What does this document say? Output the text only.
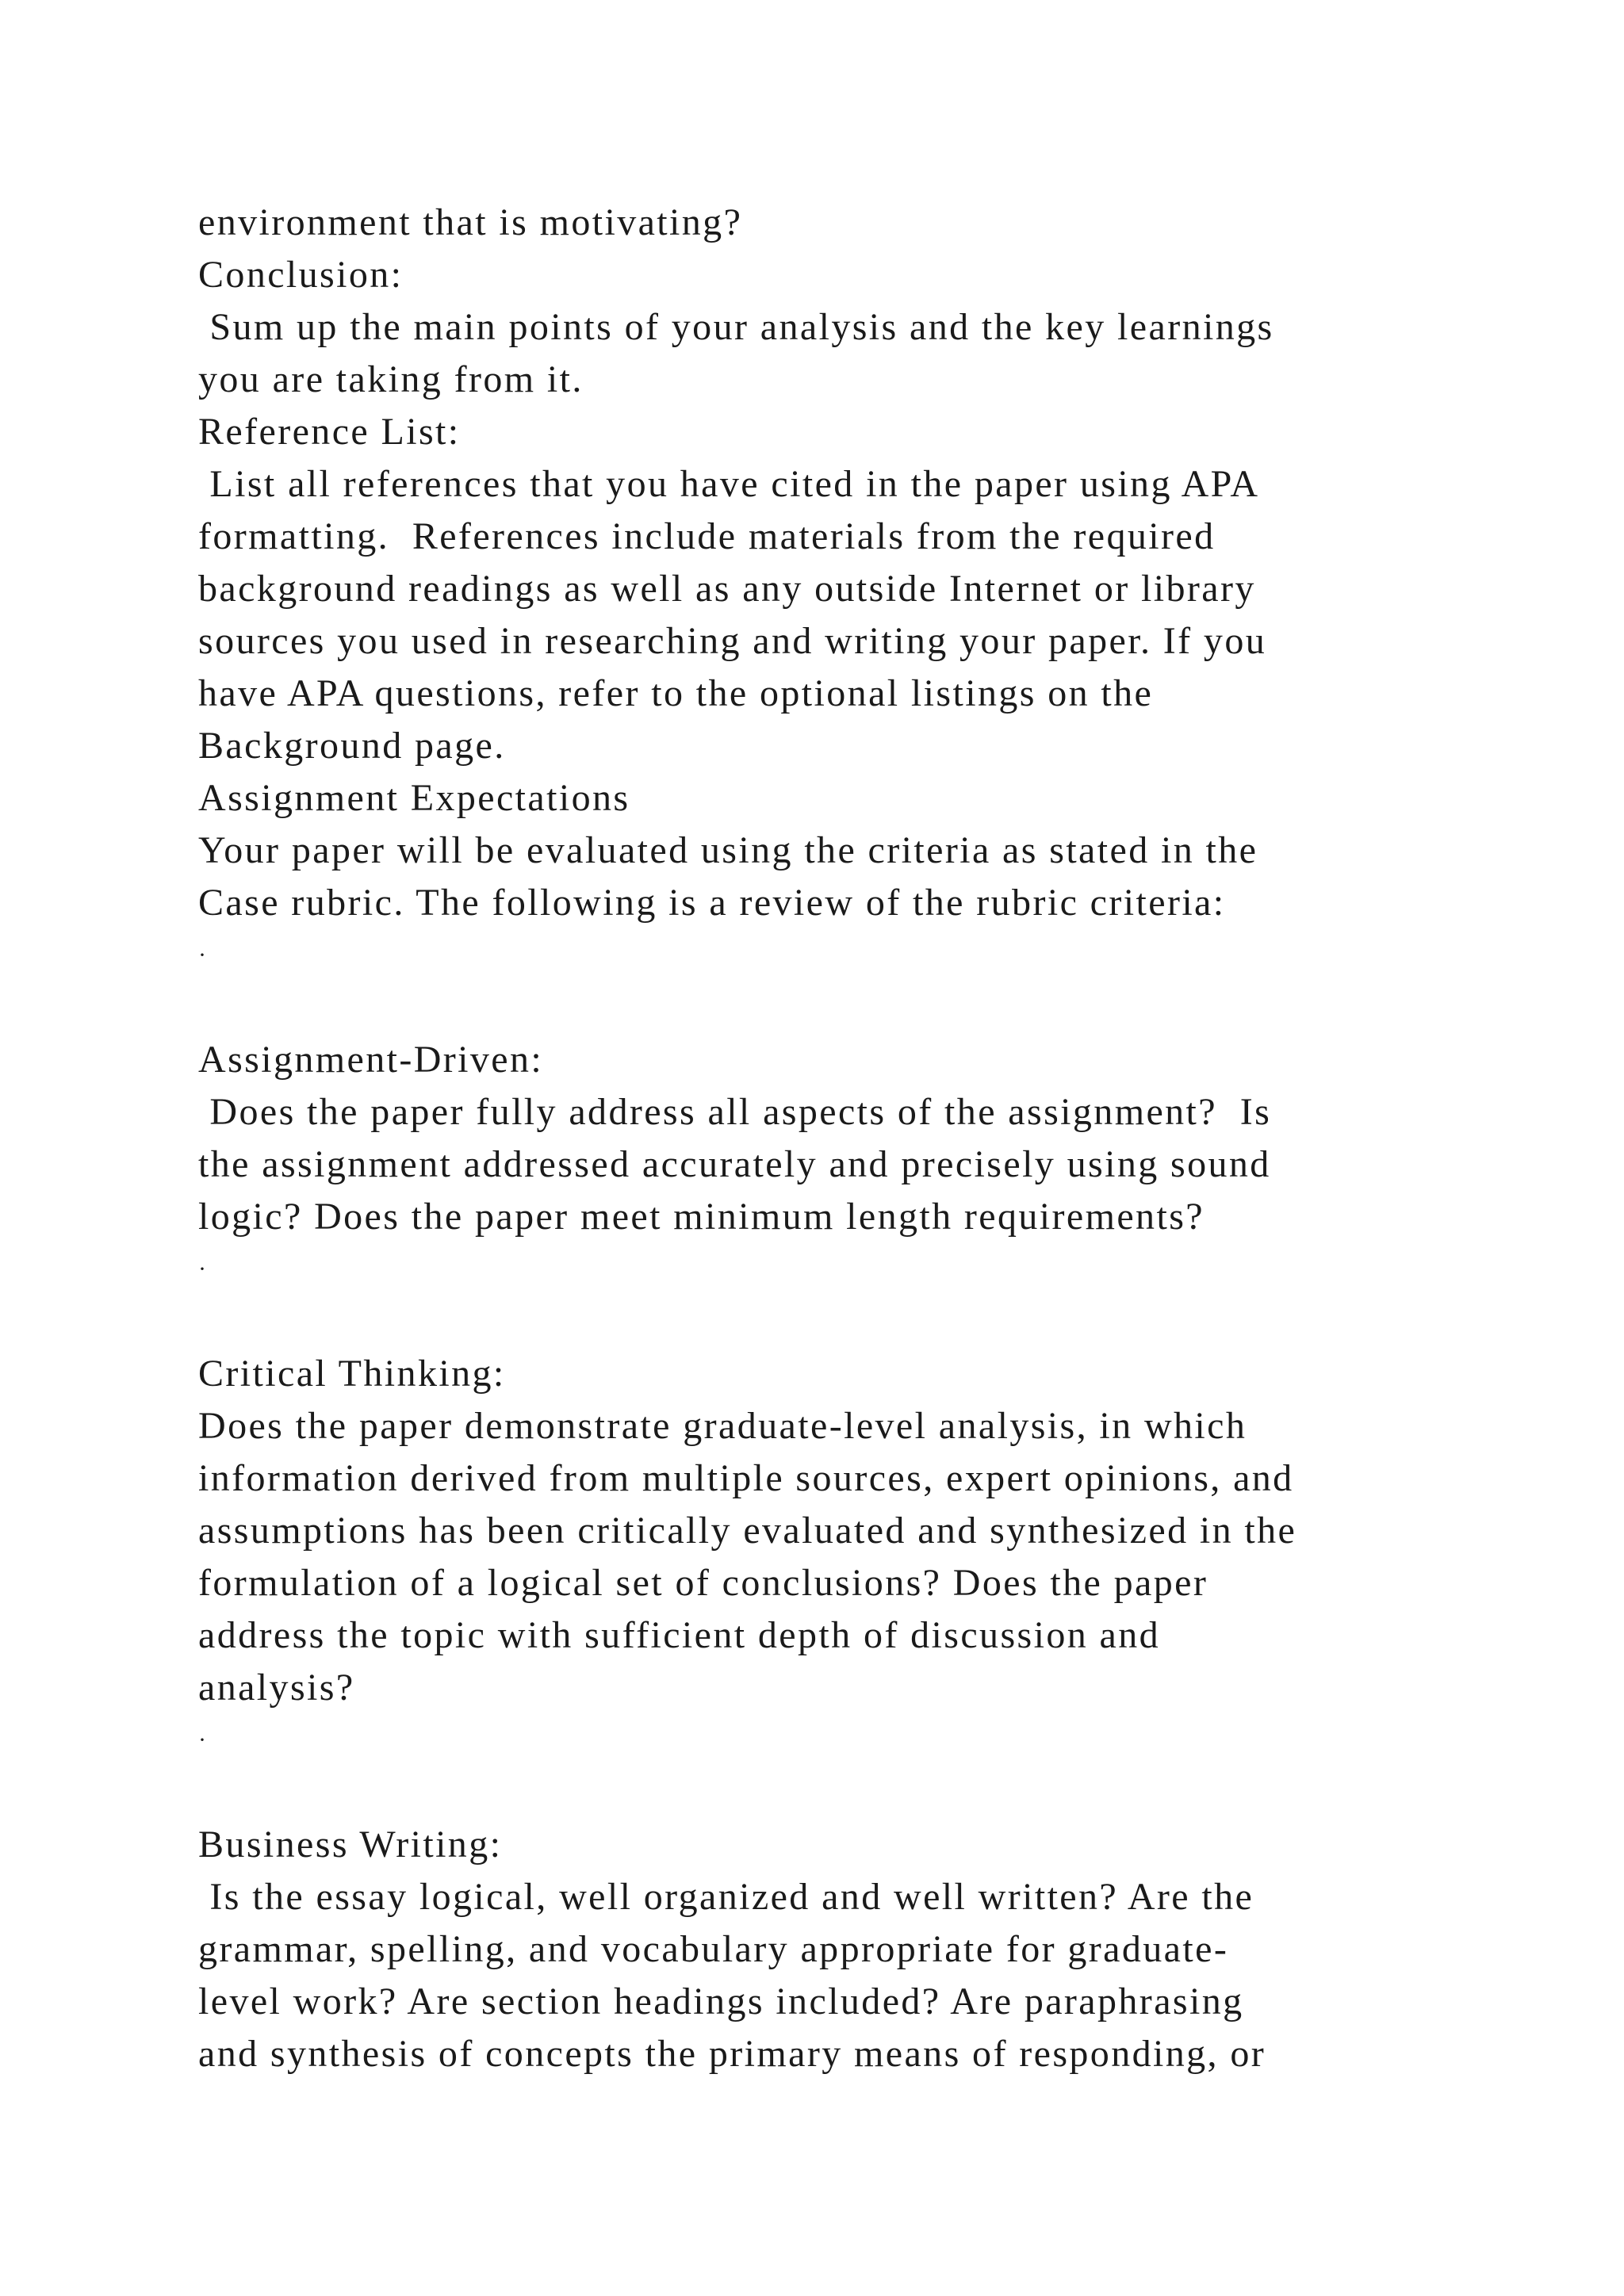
environment that is motivating?
Conclusion:
Sum up the main points of your analysis and the key learnings
you are taking from it.
Reference List:
List all references that you have cited in the paper using APA
formatting.  References include materials from the required
background readings as well as any outside Internet or library
sources you used in researching and writing your paper. If you
have APA questions, refer to the optional listings on the
Background page.
Assignment Expectations
Your paper will be evaluated using the criteria as stated in the
Case rubric. The following is a review of the rubric criteria:
·
Assignment-Driven:
Does the paper fully address all aspects of the assignment?  Is
the assignment addressed accurately and precisely using sound
logic? Does the paper meet minimum length requirements?
·
Critical Thinking:
Does the paper demonstrate graduate-level analysis, in which
information derived from multiple sources, expert opinions, and
assumptions has been critically evaluated and synthesized in the
formulation of a logical set of conclusions? Does the paper
address the topic with sufficient depth of discussion and
analysis?
·
Business Writing:
Is the essay logical, well organized and well written? Are the
grammar, spelling, and vocabulary appropriate for graduate-
level work? Are section headings included? Are paraphrasing
and synthesis of concepts the primary means of responding, or
